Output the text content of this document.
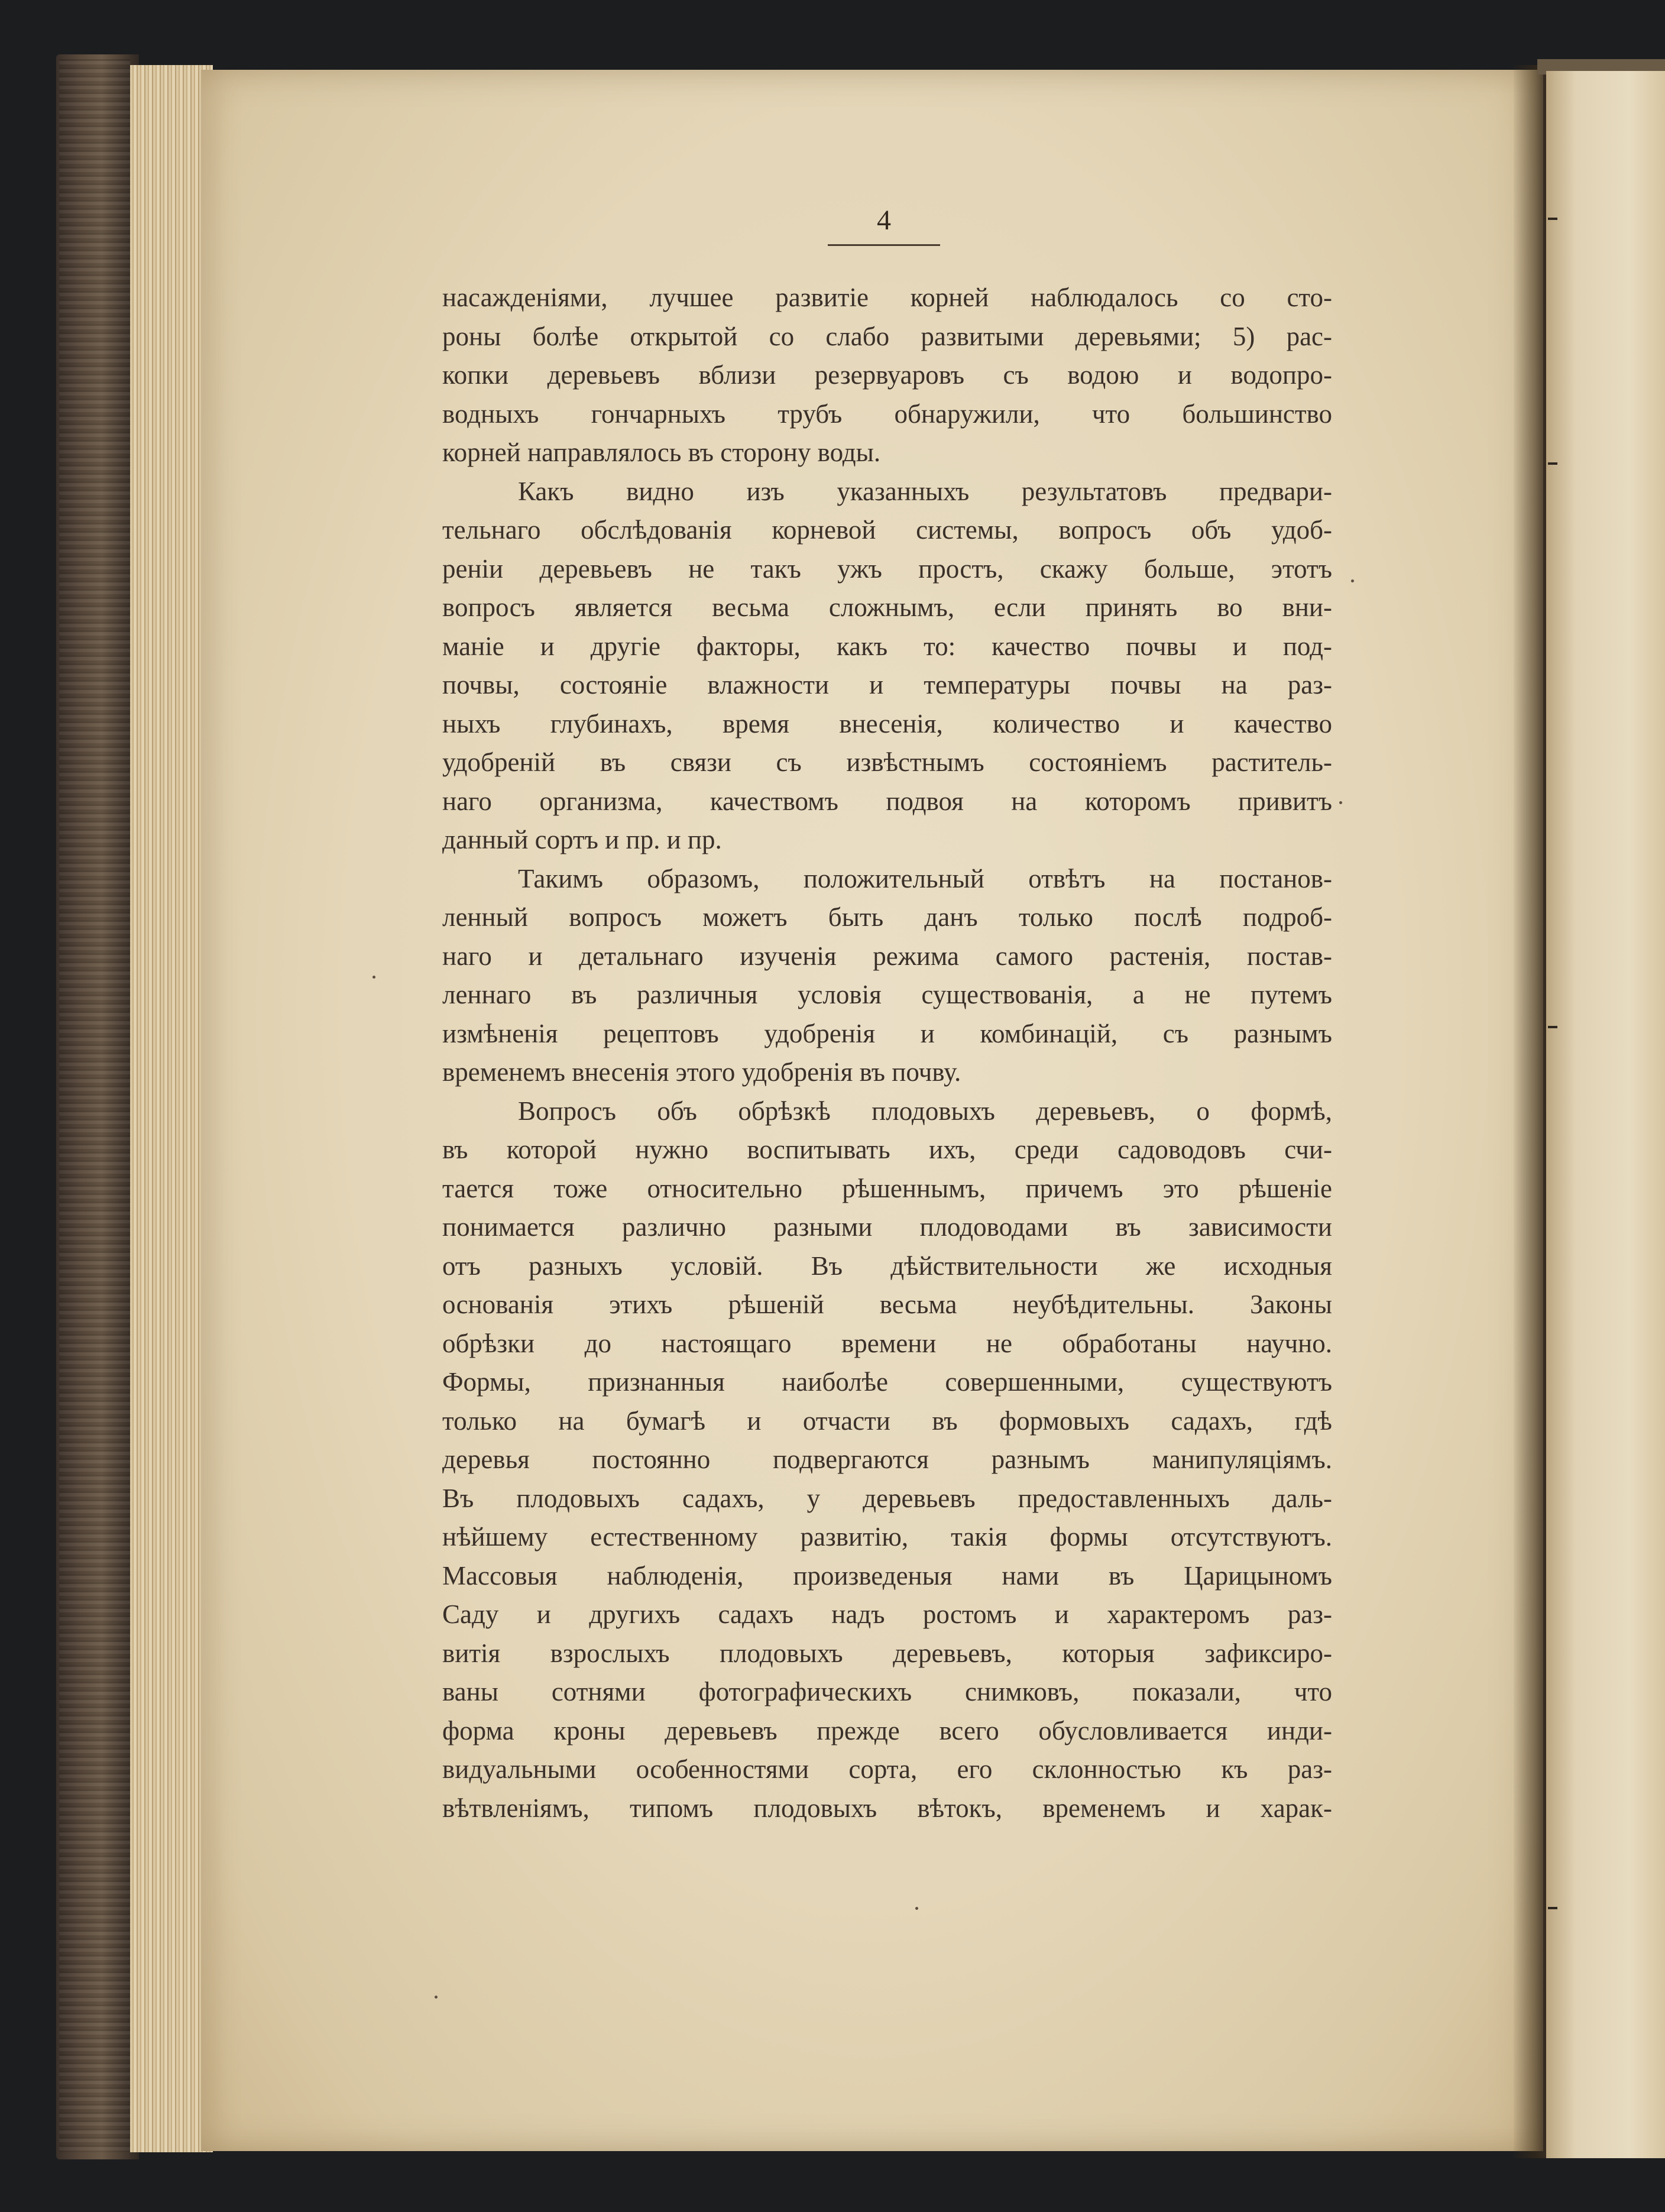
4
насажденiями, лучшее развитiе корней наблюдалось со сто-
роны болѣе открытой со слабо развитыми деревьями; 5) рас-
копки деревьевъ вблизи резервуаровъ съ водою и водопро-
водныхъ гончарныхъ трубъ обнаружили, что большинство
корней направлялось въ сторону воды.
Какъ видно изъ указанныхъ результатовъ предвари-
тельнаго обслѣдованiя корневой системы, вопросъ объ удоб-
ренiи деревьевъ не такъ ужъ простъ, скажу больше, этотъ
вопросъ является весьма сложнымъ, если принять во вни-
манiе и другiе факторы, какъ то: качество почвы и под-
почвы, состоянiе влажности и температуры почвы на раз-
ныхъ глубинахъ, время внесенiя, количество и качество
удобренiй въ связи съ извѣстнымъ состоянiемъ раститель-
наго организма, качествомъ подвоя на которомъ привитъ
данный сортъ и пр. и пр.
Такимъ образомъ, положительный отвѣтъ на постанов-
ленный вопросъ можетъ быть данъ только послѣ подроб-
наго и детальнаго изученiя режима самого растенiя, постав-
леннаго въ различныя условiя существованiя, а не путемъ
измѣненiя рецептовъ удобренiя и комбинацiй, съ разнымъ
временемъ внесенiя этого удобренiя въ почву.
Вопросъ объ обрѣзкѣ плодовыхъ деревьевъ, о формѣ,
въ которой нужно воспитывать ихъ, среди садоводовъ счи-
тается тоже относительно рѣшеннымъ, причемъ это рѣшенiе
понимается различно разными плодоводами въ зависимости
отъ разныхъ условiй. Въ дѣйствительности же исходныя
основанiя этихъ рѣшенiй весьма неубѣдительны. Законы
обрѣзки до настоящаго времени не обработаны научно.
Формы, признанныя наиболѣе совершенными, существуютъ
только на бумагѣ и отчасти въ формовыхъ садахъ, гдѣ
деревья постоянно подвергаются разнымъ манипуляцiямъ.
Въ плодовыхъ садахъ, у деревьевъ предоставленныхъ даль-
нѣйшему естественному развитiю, такiя формы отсутствуютъ.
Массовыя наблюденiя, произведеныя нами въ Царицыномъ
Саду и другихъ садахъ надъ ростомъ и характеромъ раз-
витiя взрослыхъ плодовыхъ деревьевъ, которыя зафиксиро-
ваны сотнями фотографическихъ снимковъ, показали, что
форма кроны деревьевъ прежде всего обусловливается инди-
видуальными особенностями сорта, его склонностью къ раз-
вѣтвленiямъ, типомъ плодовыхъ вѣтокъ, временемъ и харак-
